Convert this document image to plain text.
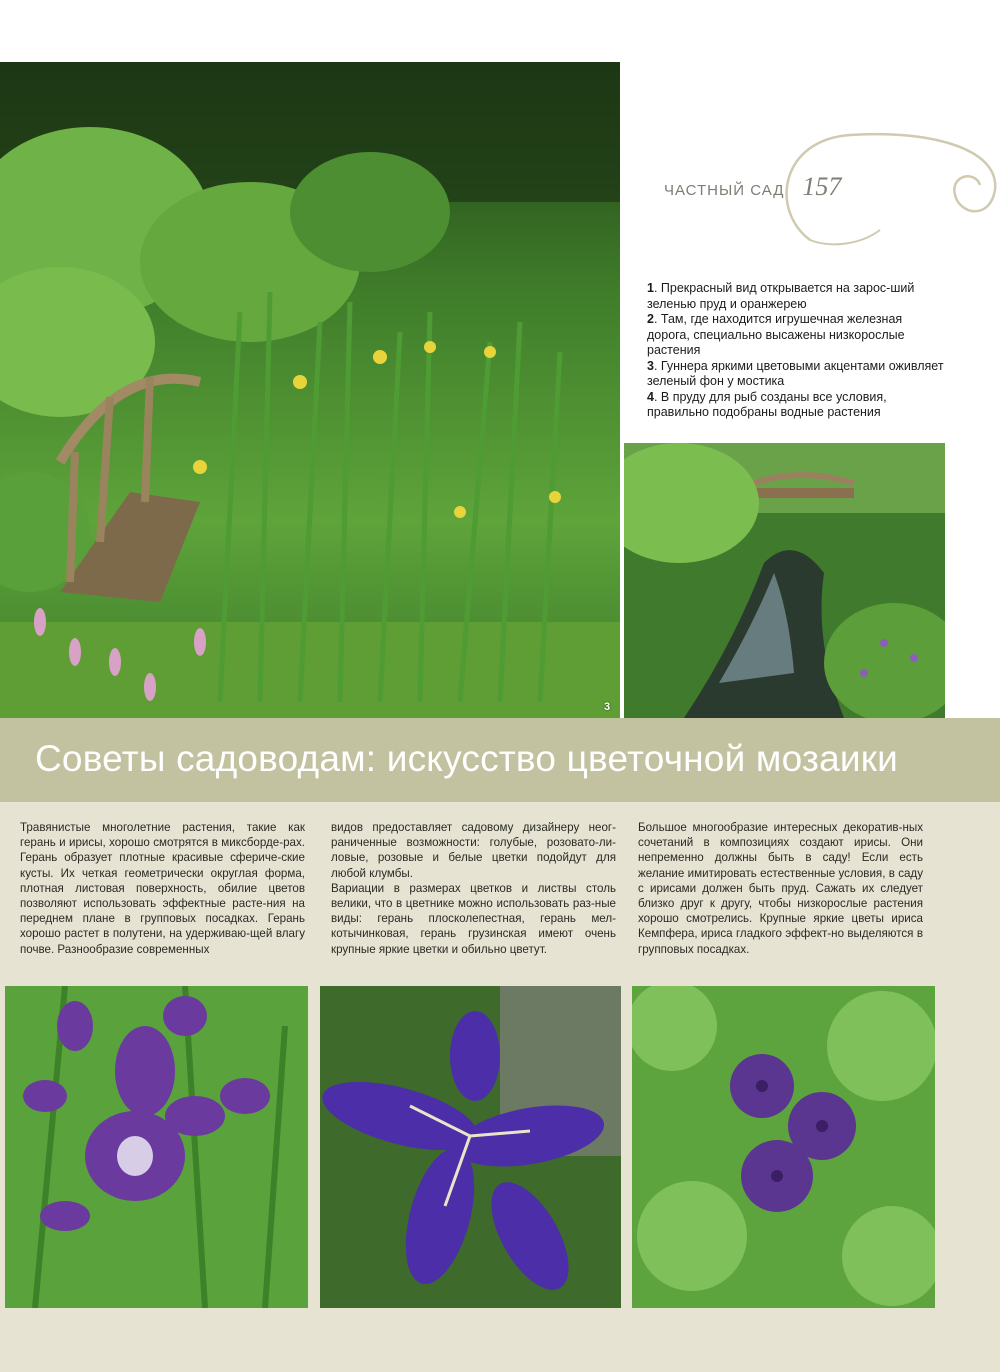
3
ЧАСТНЫЙ САД 157

1. Прекрасный вид открывается на зарос-ший зеленью пруд и оранжерею

2. Там, где находится игрушечная железная дорога, специально высажены низкорослые растения

3. Гуннера яркими цветовыми акцентами оживляет зеленый фон у мостика

4. В пруду для рыб созданы все условия, правильно подобраны водные растения

Советы садоводам: искусство цветочной мозаики

Травянистые многолетние растения, такие как герань и ирисы, хорошо смотрятся в миксборде-рах. Герань образует плотные красивые сфериче-ские кусты. Их четкая геометрически округлая форма, плотная листовая поверхность, обилие цветов позволяют использовать эффектные расте-ния на переднем плане в групповых посадках. Герань хорошо растет в полутени, на удерживаю-щей влагу почве. Разнообразие современных

видов предоставляет садовому дизайнеру неог-раниченные возможности: голубые, розовато-ли-ловые, розовые и белые цветки подойдут для любой клумбы.

Вариации в размерах цветков и листвы столь велики, что в цветнике можно использовать раз-ные виды: герань плосколепестная, герань мел-котычинковая, герань грузинская имеют очень крупные яркие цветки и обильно цветут.

Большое многообразие интересных декоратив-ных сочетаний в композициях создают ирисы. Они непременно должны быть в саду! Если есть желание имитировать естественные условия, в саду с ирисами должен быть пруд. Сажать их следует близко друг к другу, чтобы низкорослые растения хорошо смотрелись. Крупные яркие цветы ириса Кемпфера, ириса гладкого эффект-но выделяются в групповых посадках.
